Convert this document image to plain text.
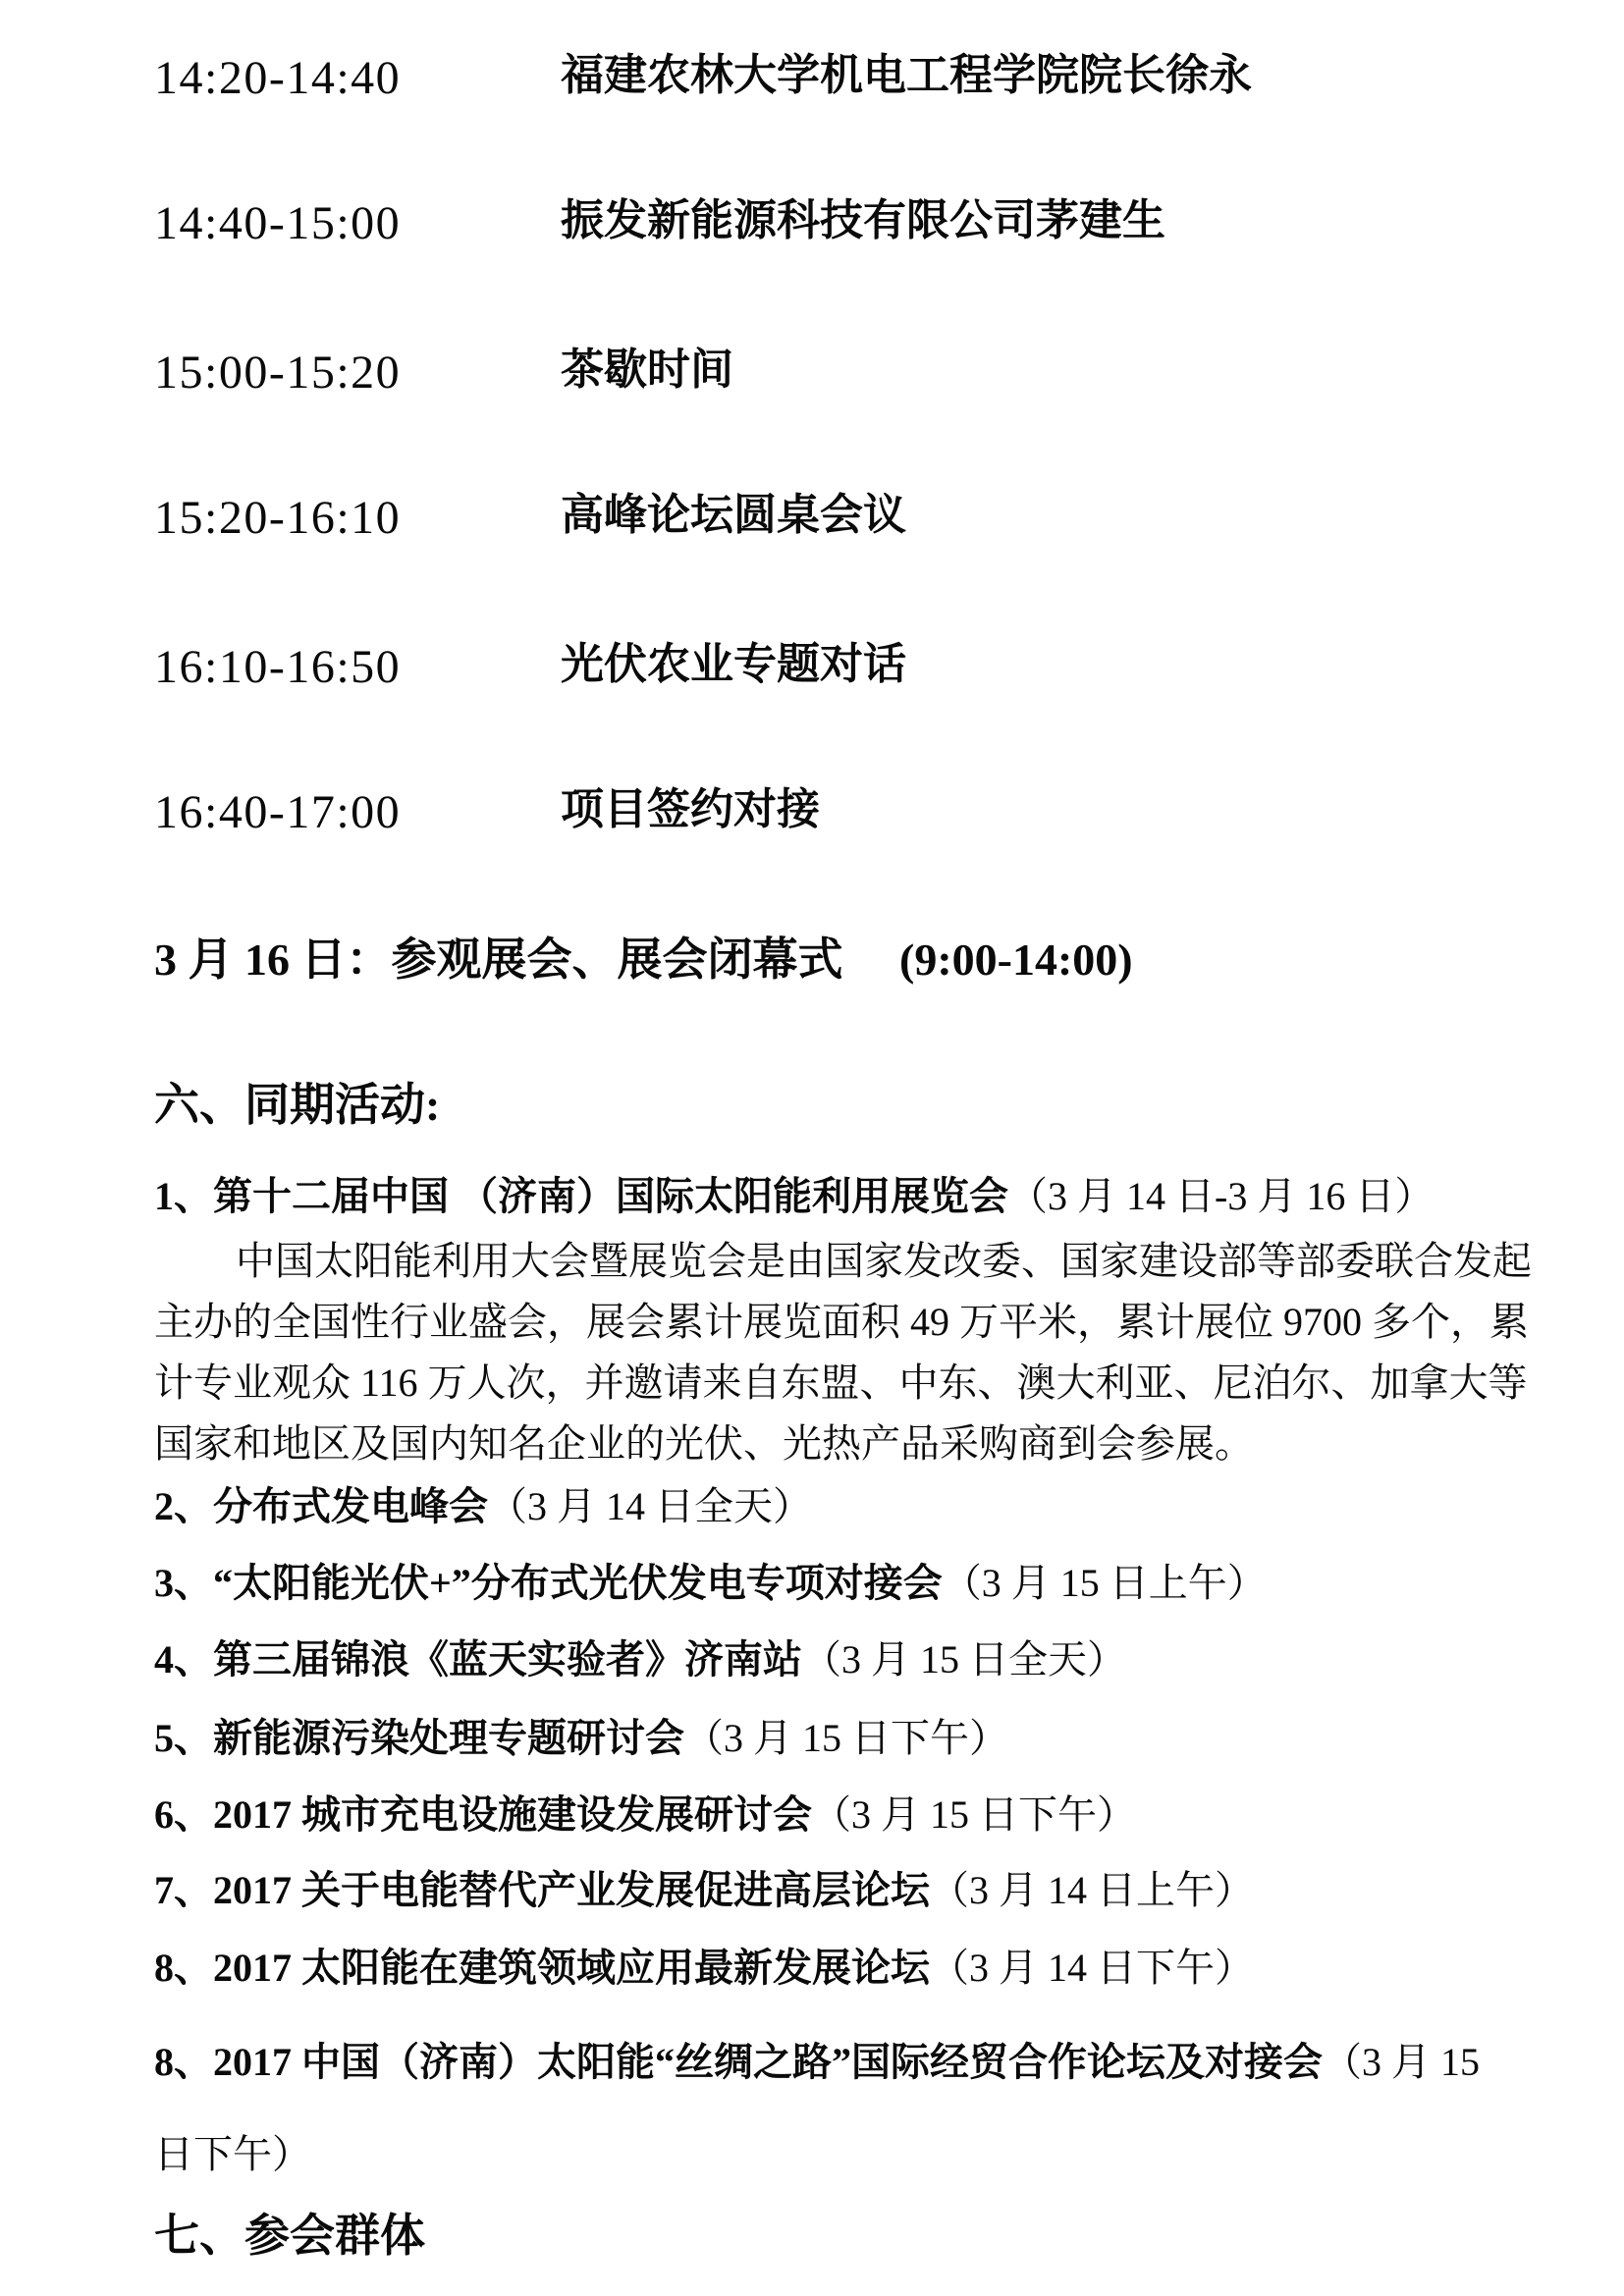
14:20-14:40	福建农林大学机电工程学院院长徐永
14:40-15:00	振发新能源科技有限公司茅建生
15:00-15:20	茶歇时间
15:20-16:10	高峰论坛圆桌会议
16:10-16:50	光伏农业专题对话
16:40-17:00	项目签约对接
3 月 16 日：参观展会、展会闭幕式　 (9:00-14:00)
六、同期活动:
1、第十二届中国 （济南）国际太阳能利用展览会（3 月 14 日-3 月 16 日）
中国太阳能利用大会暨展览会是由国家发改委、国家建设部等部委联合发起
主办的全国性行业盛会，展会累计展览面积 49 万平米，累计展位 9700 多个，累
计专业观众 116 万人次，并邀请来自东盟、中东、澳大利亚、尼泊尔、加拿大等
国家和地区及国内知名企业的光伏、光热产品采购商到会参展。
2、分布式发电峰会（3 月 14 日全天）
3、“太阳能光伏+”分布式光伏发电专项对接会（3 月 15 日上午）
4、第三届锦浪《蓝天实验者》济南站（3 月 15 日全天）
5、新能源污染处理专题研讨会（3 月 15 日下午）
6、2017 城市充电设施建设发展研讨会（3 月 15 日下午）
7、2017 关于电能替代产业发展促进高层论坛（3 月 14 日上午）
8、2017 太阳能在建筑领域应用最新发展论坛（3 月 14 日下午）
8、2017 中国（济南）太阳能“丝绸之路”国际经贸合作论坛及对接会（3 月 15
日下午）
七、参会群体
